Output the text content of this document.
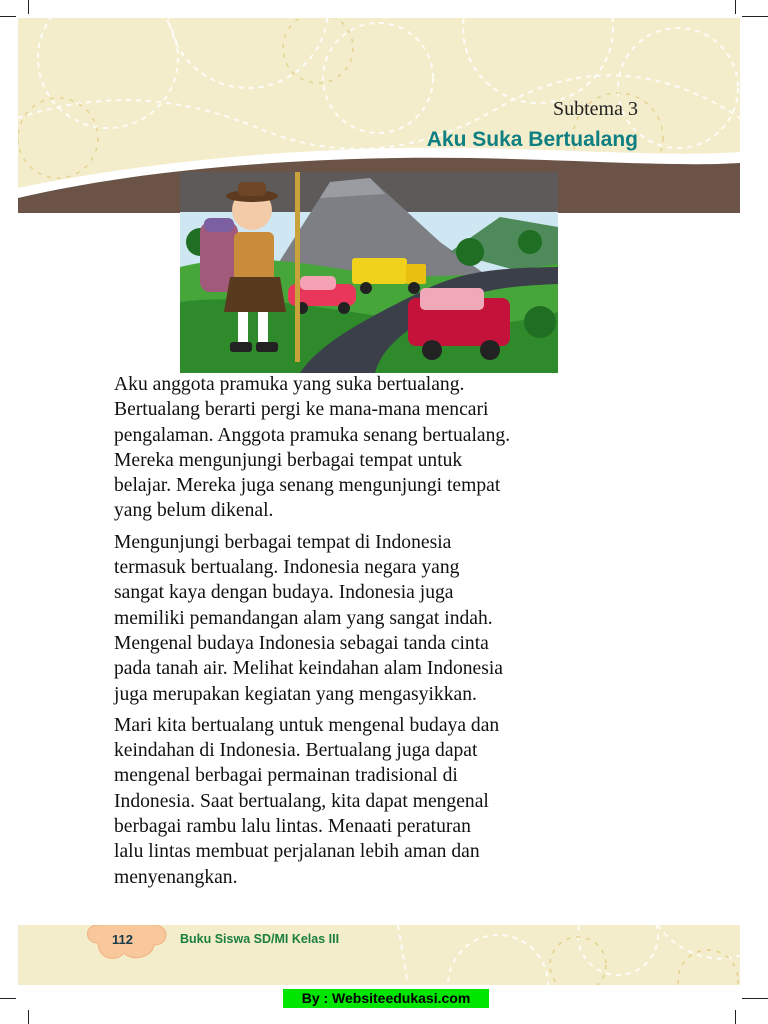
Subtema 3
Aku Suka Bertualang

Aku anggota pramuka yang suka bertualang.
Bertualang berarti pergi ke mana-mana mencari
pengalaman. Anggota pramuka senang bertualang.
Mereka mengunjungi berbagai tempat untuk
belajar. Mereka juga senang mengunjungi tempat
yang belum dikenal.

Mengunjungi berbagai tempat di Indonesia
termasuk bertualang. Indonesia negara yang
sangat kaya dengan budaya. Indonesia juga
memiliki pemandangan alam yang sangat indah.
Mengenal budaya Indonesia sebagai tanda cinta
pada tanah air. Melihat keindahan alam Indonesia
juga merupakan kegiatan yang mengasyikkan.

Mari kita bertualang untuk mengenal budaya dan
keindahan di Indonesia. Bertualang juga dapat
mengenal berbagai permainan tradisional di
Indonesia. Saat bertualang, kita dapat mengenal
berbagai rambu lalu lintas. Menaati peraturan
lalu lintas membuat perjalanan lebih aman dan
menyenangkan.

112	Buku Siswa SD/MI Kelas III
By : Websiteedukasi.com
